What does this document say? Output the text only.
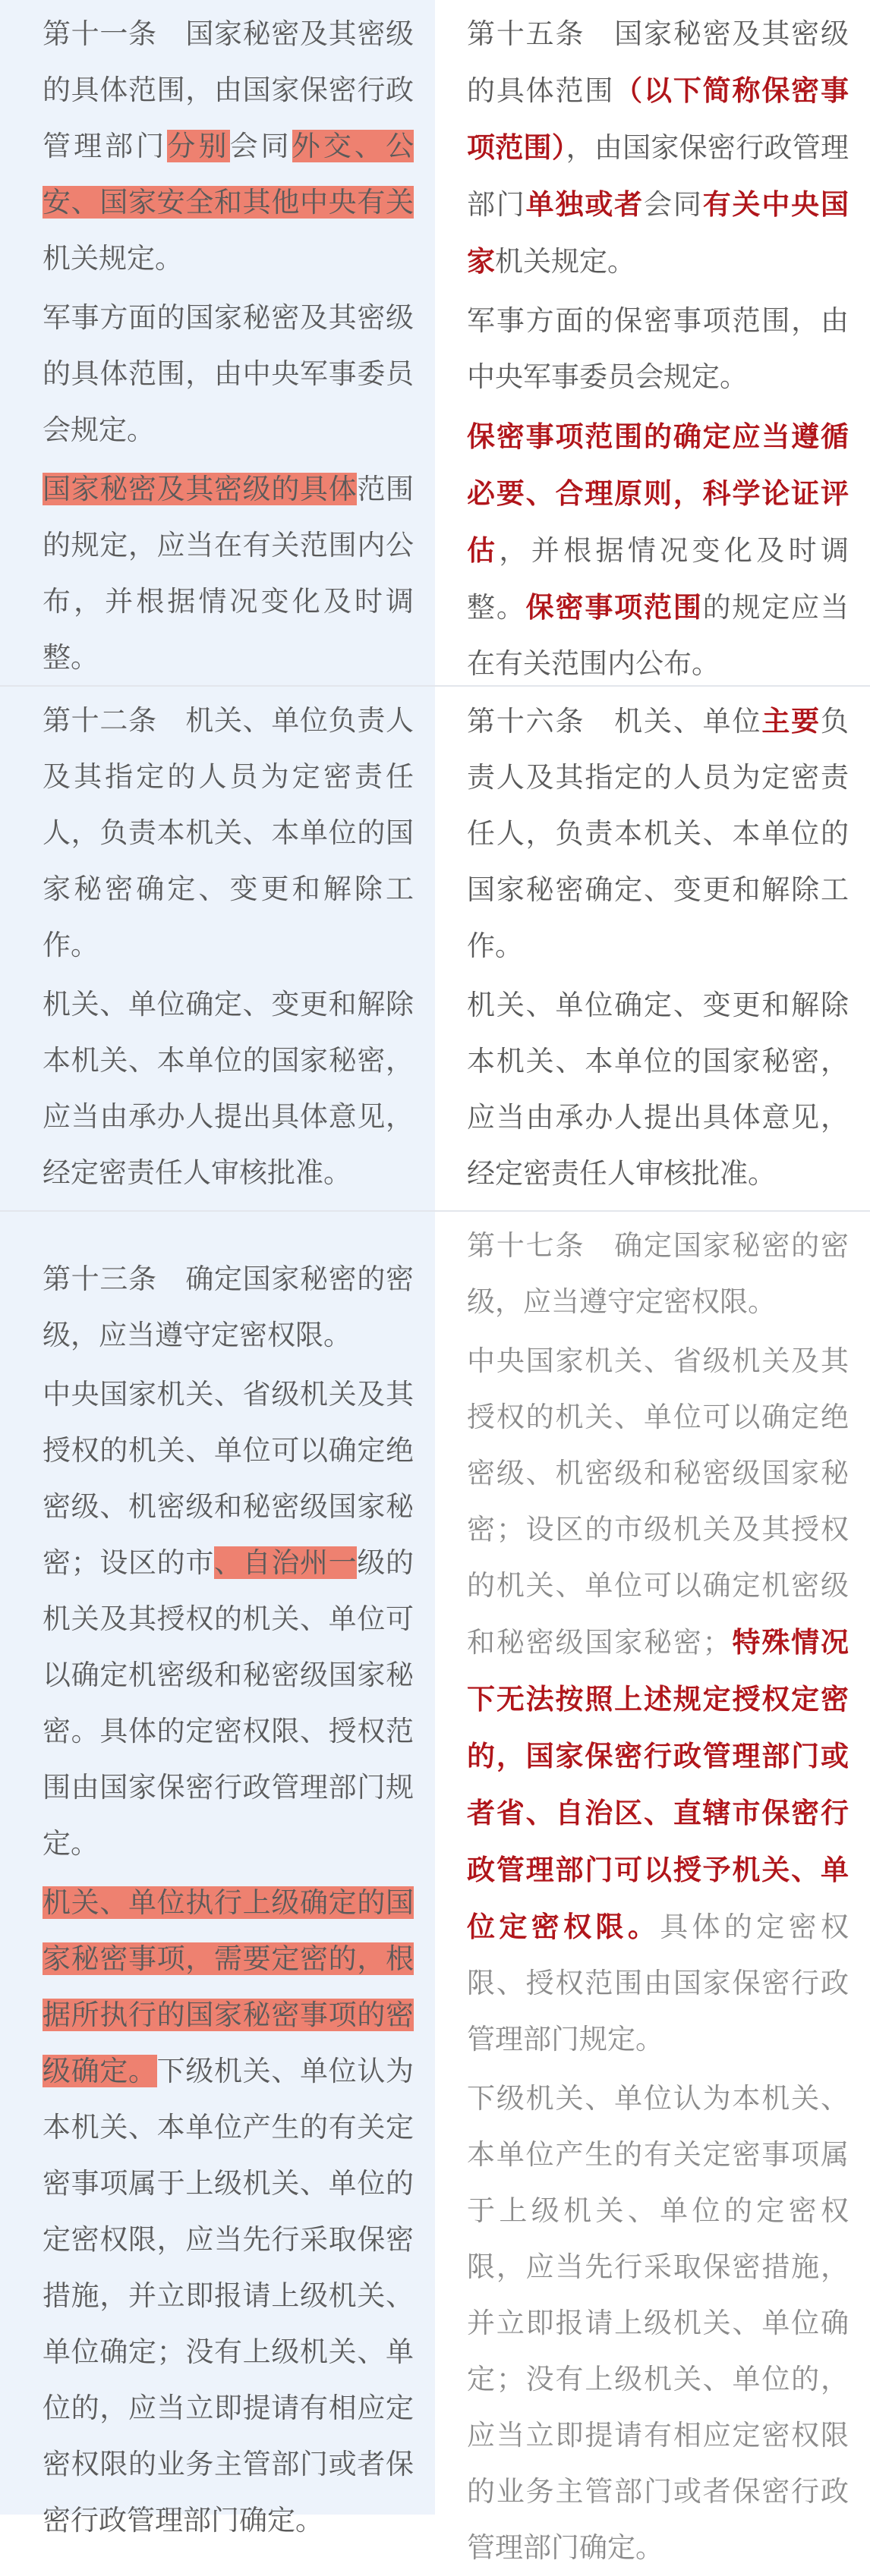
第十一条　国家秘密及其密级的具体范围，由国家保密行政管理部门分别会同外交、公安、国家安全和其他中央有关机关规定。

军事方面的国家秘密及其密级的具体范围，由中央军事委员会规定。

国家秘密及其密级的具体范围的规定，应当在有关范围内公布，并根据情况变化及时调整。

第十五条　国家秘密及其密级的具体范围（以下简称保密事项范围），由国家保密行政管理部门单独或者会同有关中央国家机关规定。

军事方面的保密事项范围，由中央军事委员会规定。

保密事项范围的确定应当遵循必要、合理原则，科学论证评估，并根据情况变化及时调整。保密事项范围的规定应当在有关范围内公布。

第十二条　机关、单位负责人及其指定的人员为定密责任人，负责本机关、本单位的国家秘密确定、变更和解除工作。

机关、单位确定、变更和解除本机关、本单位的国家秘密，应当由承办人提出具体意见，经定密责任人审核批准。

第十六条　机关、单位主要负责人及其指定的人员为定密责任人，负责本机关、本单位的国家秘密确定、变更和解除工作。

机关、单位确定、变更和解除本机关、本单位的国家秘密，应当由承办人提出具体意见，经定密责任人审核批准。

第十三条　确定国家秘密的密级，应当遵守定密权限。

中央国家机关、省级机关及其授权的机关、单位可以确定绝密级、机密级和秘密级国家秘密；设区的市、自治州一级的机关及其授权的机关、单位可以确定机密级和秘密级国家秘密。具体的定密权限、授权范围由国家保密行政管理部门规定。

机关、单位执行上级确定的国家秘密事项，需要定密的，根据所执行的国家秘密事项的密级确定。下级机关、单位认为本机关、本单位产生的有关定密事项属于上级机关、单位的定密权限，应当先行采取保密措施，并立即报请上级机关、单位确定；没有上级机关、单位的，应当立即提请有相应定密权限的业务主管部门或者保密行政管理部门确定。

第十七条　确定国家秘密的密级，应当遵守定密权限。

中央国家机关、省级机关及其授权的机关、单位可以确定绝密级、机密级和秘密级国家秘密；设区的市级机关及其授权的机关、单位可以确定机密级和秘密级国家秘密；特殊情况下无法按照上述规定授权定密的，国家保密行政管理部门或者省、自治区、直辖市保密行政管理部门可以授予机关、单位定密权限。具体的定密权限、授权范围由国家保密行政管理部门规定。

下级机关、单位认为本机关、本单位产生的有关定密事项属于上级机关、单位的定密权限，应当先行采取保密措施，并立即报请上级机关、单位确定；没有上级机关、单位的，应当立即提请有相应定密权限的业务主管部门或者保密行政管理部门确定。
